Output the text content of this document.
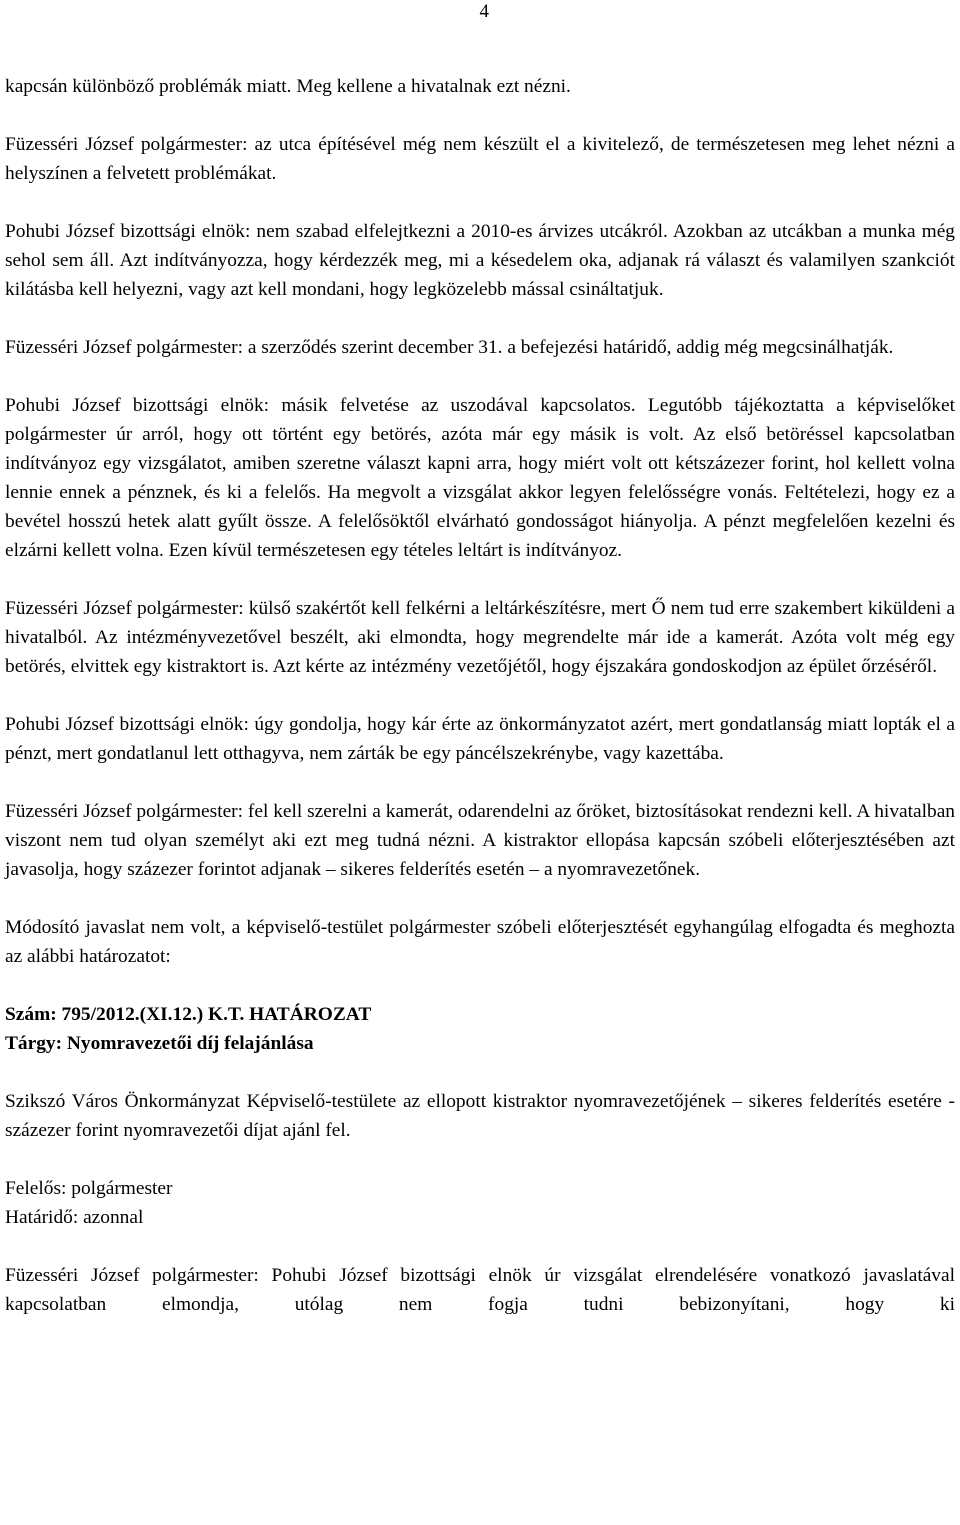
4

kapcsán különböző problémák miatt. Meg kellene a hivatalnak ezt nézni.

Füzesséri József polgármester: az utca építésével még nem készült el a kivitelező, de természetesen meg lehet nézni a helyszínen a felvetett problémákat.

Pohubi József bizottsági elnök: nem szabad elfelejtkezni a 2010-es árvizes utcákról. Azokban az utcákban a munka még sehol sem áll. Azt indítványozza, hogy kérdezzék meg, mi a késedelem oka, adjanak rá választ és valamilyen szankciót kilátásba kell helyezni, vagy azt kell mondani, hogy legközelebb mással csináltatjuk.

Füzesséri József polgármester: a szerződés szerint december 31. a befejezési határidő, addig még megcsinálhatják.

Pohubi József bizottsági elnök: másik felvetése az uszodával kapcsolatos. Legutóbb tájékoztatta a képviselőket polgármester úr arról, hogy ott történt egy betörés, azóta már egy másik is volt. Az első betöréssel kapcsolatban indítványoz egy vizsgálatot, amiben szeretne választ kapni arra, hogy miért volt ott kétszázezer forint, hol kellett volna lennie ennek a pénznek, és ki a felelős. Ha megvolt a vizsgálat akkor legyen felelősségre vonás. Feltételezi, hogy ez a bevétel hosszú hetek alatt gyűlt össze. A felelősöktől elvárható gondosságot hiányolja. A pénzt megfelelően kezelni és elzárni kellett volna. Ezen kívül természetesen egy tételes leltárt is indítványoz.

Füzesséri József polgármester: külső szakértőt kell felkérni a leltárkészítésre, mert Ő nem tud erre szakembert kiküldeni a hivatalból. Az intézményvezetővel beszélt, aki elmondta, hogy megrendelte már ide a kamerát. Azóta volt még egy betörés, elvittek egy kistraktort is. Azt kérte az intézmény vezetőjétől, hogy éjszakára gondoskodjon az épület őrzéséről.

Pohubi József bizottsági elnök: úgy gondolja, hogy kár érte az önkormányzatot azért, mert gondatlanság miatt lopták el a pénzt, mert gondatlanul lett otthagyva, nem zárták be egy páncélszekrénybe, vagy kazettába.

Füzesséri József polgármester: fel kell szerelni a kamerát, odarendelni az őröket, biztosításokat rendezni kell. A hivatalban viszont nem tud olyan személyt aki ezt meg tudná nézni. A kistraktor ellopása kapcsán szóbeli előterjesztésében azt javasolja, hogy százezer forintot adjanak – sikeres felderítés esetén – a nyomravezetőnek.

Módosító javaslat nem volt, a képviselő-testület polgármester szóbeli előterjesztését egyhangúlag elfogadta és meghozta az alábbi határozatot:

Szám: 795/2012.(XI.12.) K.T. HATÁROZAT

Tárgy: Nyomravezetői díj felajánlása

Szikszó Város Önkormányzat Képviselő-testülete az ellopott kistraktor nyomravezetőjének – sikeres felderítés esetére - százezer forint nyomravezetői díjat ajánl fel.

Felelős: polgármester

Határidő: azonnal

Füzesséri József polgármester: Pohubi József bizottsági elnök úr vizsgálat elrendelésére vonatkozó javaslatával kapcsolatban elmondja, utólag nem fogja tudni bebizonyítani, hogy ki
